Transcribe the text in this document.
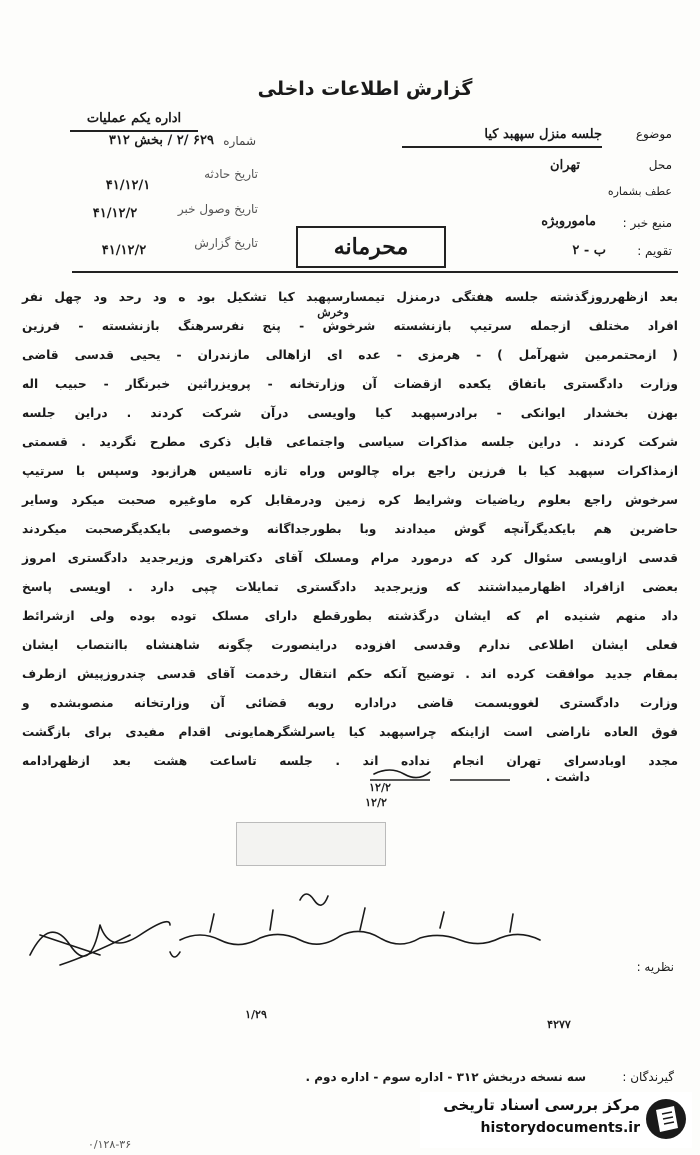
گزارش اطلاعات داخلی
اداره یکم عملیات
شماره
۶۲۹ /۲ / بخش ۳۱۲
تاریخ حادثه
۴۱/۱۲/۱
تاریخ وصول خبر
۴۱/۱۲/۲
تاریخ گزارش
۴۱/۱۲/۲
موضوع
جلسه منزل سپهبد کیا
محل
تهران
عطف بشماره
منبع خبر :
ماموروبژه
تقویم :
ب - ۲
محرمانه
وخرش
بعد ازظهرروزگذشته جلسه هفتگی درمنزل تیمسارسپهبد کیا تشکیل بود ه ود رحد ود چهل نفر
افراد مختلف ازجمله سرتیپ بازنشسته شرخوش - پنج نفرسرهنگ بازنشسته - فرزین
( ازمحتمرمین شهرآمل ) - هرمزی - عده ای ازاهالی مازندران - یحیی قدسی قاضی
وزارت دادگستری باتفاق یکعده ازقضات آن وزارتخانه - پرویزراثین خبرنگار - حبیب اله
بهزن بخشدار ایوانکی - برادرسپهبد کیا واویسی درآن شرکت کردند . دراین جلسه
شرکت کردند . دراین جلسه مذاکرات سیاسی واجتماعی قابل ذکری مطرح نگردید . قسمتی
ازمذاکرات سپهبد کیا با فرزین راجع براه چالوس وراه تازه تاسیس هرازبود وسپس با سرتیپ
سرخوش راجع بعلوم ریاضیات وشرایط کره زمین ودرمقابل کره ماوغیره صحبت میکرد وسایر
حاضرین هم بایکدیگرآنچه گوش میدادند وبا بطورجداگانه وخصوصی بایکدیگرصحبت میکردند
قدسی ازاویسی سئوال کرد که درمورد مرام ومسلک آقای دکتراهری وزیرجدید دادگستری امروز
بعضی ازافراد اظهارمیداشتند که وزیرجدید دادگستری تمایلات چپی دارد . اویسی پاسخ
داد منهم شنیده ام که ایشان درگذشته بطورقطع دارای مسلک توده بوده ولی ازشرائط
فعلی ایشان اطلاعی ندارم وقدسی افزوده دراینصورت چگونه شاهنشاه باانتصاب ایشان
بمقام جدید موافقت کرده اند . توضیح آنکه حکم انتقال رخدمت آقای قدسی چندروزپیش ازطرف
وزارت دادگستری لغوویسمت قاضی دراداره رویه قضائی آن وزارتخانه منصوبشده و
فوق العاده ناراضی است ازاینکه چراسپهبد کیا یاسرلشگرهمایونی اقدام مفیدی برای بازگشت
مجدد اوبادسرای تهران انجام نداده اند . جلسه تاساعت هشت بعد ازظهرادامه
داشت .
۱۲/۲
۱۲/۲
نظریه :
۱/۲۹
۴۲۷۷
گیرندگان :
سه نسخه دربخش ۳۱۲ - اداره سوم - اداره دوم .
۰/۱۲۸-۳۶
مرکز بررسی اسناد تاریخی
historydocuments.ir
